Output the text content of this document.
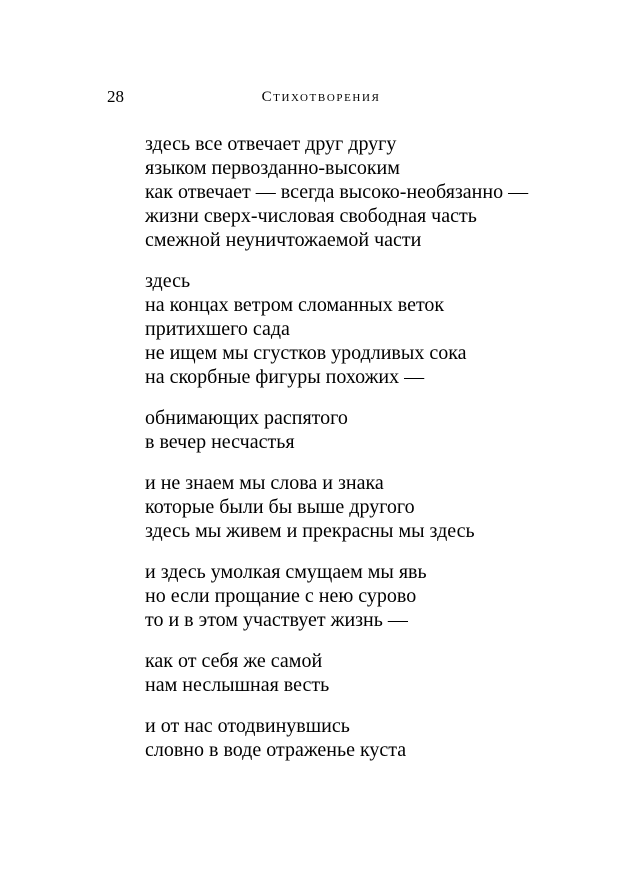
28	Стихотворения
здесь все отвечает друг другу
языком первозданно-высоким
как отвечает — всегда высоко-необязанно —
жизни сверх-числовая свободная часть
смежной неуничтожаемой части
здесь
на концах ветром сломанных веток
притихшего сада
не ищем мы сгустков уродливых сока
на скорбные фигуры похожих —
обнимающих распятого
в вечер несчастья
и не знаем мы слова и знака
которые были бы выше другого
здесь мы живем и прекрасны мы здесь
и здесь умолкая смущаем мы явь
но если прощание с нею сурово
то и в этом участвует жизнь —
как от себя же самой
нам неслышная весть
и от нас отодвинувшись
словно в воде отраженье куста
